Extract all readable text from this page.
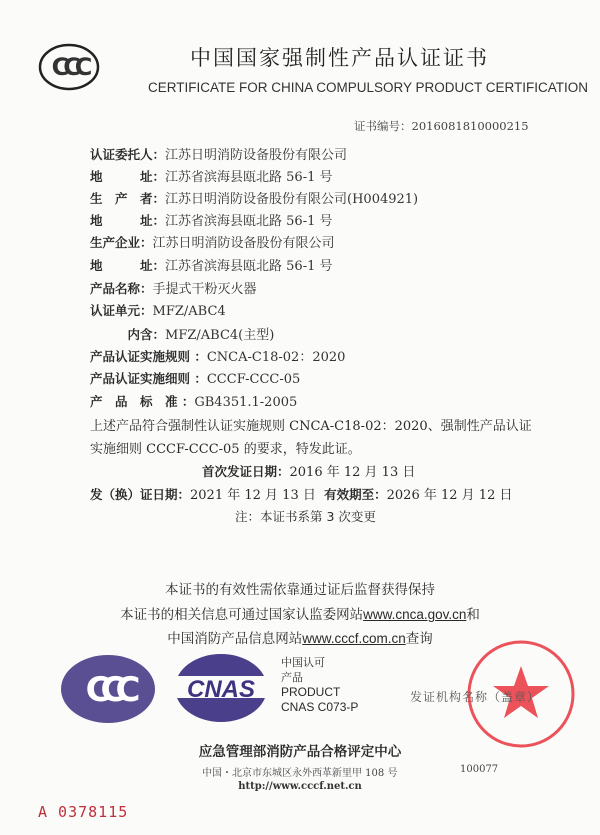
CCC	中国国家强制性产品认证证书
CERTIFICATE FOR CHINA COMPULSORY PRODUCT CERTIFICATION
证书编号：2016081810000215
认证委托人：江苏日明消防设备股份有限公司
地　　　址：江苏省滨海县瓯北路 56-1 号
生　产　者：江苏日明消防设备股份有限公司(H004921)
地　　　址：江苏省滨海县瓯北路 56-1 号
生产企业：江苏日明消防设备股份有限公司
地　　　址：江苏省滨海县瓯北路 56-1 号
产品名称：手提式干粉灭火器
认证单元：MFZ/ABC4
　　　内含：MFZ/ABC4(主型)
产品认证实施规则 ：CNCA-C18-02：2020
产品认证实施细则 ：CCCF-CCC-05
产　品　标　准 ：GB4351.1-2005
上述产品符合强制性认证实施规则 CNCA-C18-02：2020、强制性产品认证
实施细则 CCCF-CCC-05 的要求，特发此证。
首次发证日期：2016 年 12 月 13 日
发（换）证日期：2021 年 12 月 13 日 有效期至：2026 年 12 月 12 日
注：本证书系第 3 次变更
本证书的有效性需依靠通过证后监督获得保持
本证书的相关信息可通过国家认监委网站www.cnca.gov.cn和
中国消防产品信息网站www.cccf.com.cn查询
CCC	CNAS
中国认可
产品
PRODUCT
CNAS C073-P
发证机构名称（盖章）
应急管理部消防产品合格评定中心
中国・北京市东城区永外西革新里甲 108 号	100077
http://www.cccf.net.cn
A 0378115
